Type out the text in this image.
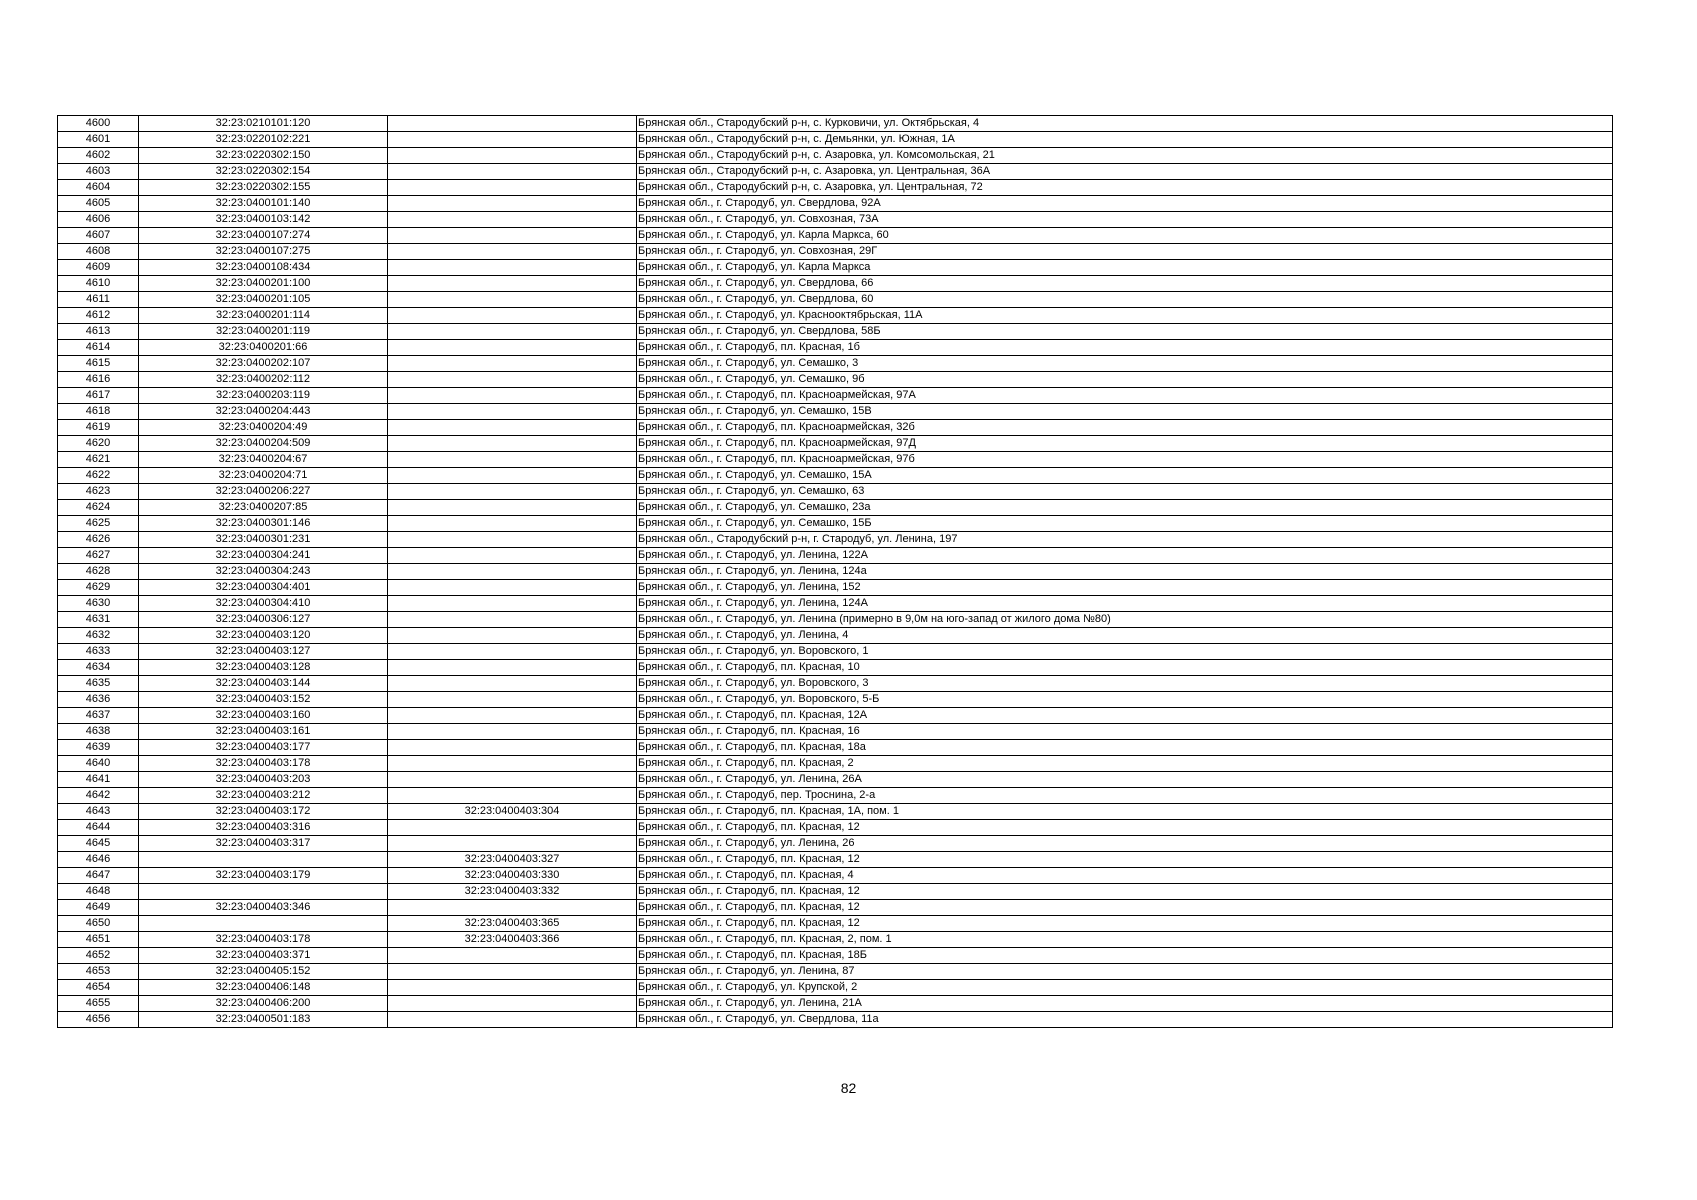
4600	32:23:0210101:120		Брянская обл., Стародубский р-н, с. Курковичи, ул. Октябрьская, 4
4601	32:23:0220102:221		Брянская обл., Стародубский р-н, с. Демьянки, ул. Южная, 1А
4602	32:23:0220302:150		Брянская обл., Стародубский р-н, с. Азаровка, ул. Комсомольская, 21
4603	32:23:0220302:154		Брянская обл., Стародубский р-н, с. Азаровка, ул. Центральная, 36А
4604	32:23:0220302:155		Брянская обл., Стародубский р-н, с. Азаровка, ул. Центральная, 72
4605	32:23:0400101:140		Брянская обл., г. Стародуб, ул. Свердлова, 92А
4606	32:23:0400103:142		Брянская обл., г. Стародуб, ул. Совхозная, 73А
4607	32:23:0400107:274		Брянская обл., г. Стародуб, ул. Карла Маркса, 60
4608	32:23:0400107:275		Брянская обл., г. Стародуб, ул. Совхозная, 29Г
4609	32:23:0400108:434		Брянская обл., г. Стародуб, ул. Карла Маркса
4610	32:23:0400201:100		Брянская обл., г. Стародуб, ул. Свердлова, 66
4611	32:23:0400201:105		Брянская обл., г. Стародуб, ул. Свердлова, 60
4612	32:23:0400201:114		Брянская обл., г. Стародуб, ул. Краснооктябрьская, 11А
4613	32:23:0400201:119		Брянская обл., г. Стародуб, ул. Свердлова, 58Б
4614	32:23:0400201:66		Брянская обл., г. Стародуб, пл. Красная, 1б
4615	32:23:0400202:107		Брянская обл., г. Стародуб, ул. Семашко, 3
4616	32:23:0400202:112		Брянская обл., г. Стародуб, ул. Семашко, 9б
4617	32:23:0400203:119		Брянская обл., г. Стародуб, пл. Красноармейская, 97А
4618	32:23:0400204:443		Брянская обл., г. Стародуб, ул. Семашко, 15В
4619	32:23:0400204:49		Брянская обл., г. Стародуб, пл. Красноармейская, 32б
4620	32:23:0400204:509		Брянская обл., г. Стародуб, пл. Красноармейская, 97Д
4621	32:23:0400204:67		Брянская обл., г. Стародуб, пл. Красноармейская, 97б
4622	32:23:0400204:71		Брянская обл., г. Стародуб, ул. Семашко, 15А
4623	32:23:0400206:227		Брянская обл., г. Стародуб, ул. Семашко, 63
4624	32:23:0400207:85		Брянская обл., г. Стародуб, ул. Семашко, 23а
4625	32:23:0400301:146		Брянская обл., г. Стародуб, ул. Семашко, 15Б
4626	32:23:0400301:231		Брянская обл., Стародубский р-н, г. Стародуб, ул. Ленина, 197
4627	32:23:0400304:241		Брянская обл., г. Стародуб, ул. Ленина, 122А
4628	32:23:0400304:243		Брянская обл., г. Стародуб, ул. Ленина, 124а
4629	32:23:0400304:401		Брянская обл., г. Стародуб, ул. Ленина, 152
4630	32:23:0400304:410		Брянская обл., г. Стародуб, ул. Ленина, 124А
4631	32:23:0400306:127		Брянская обл., г. Стародуб, ул. Ленина (примерно в 9,0м на юго-запад от жилого дома №80)
4632	32:23:0400403:120		Брянская обл., г. Стародуб, ул. Ленина, 4
4633	32:23:0400403:127		Брянская обл., г. Стародуб, ул. Воровского, 1
4634	32:23:0400403:128		Брянская обл., г. Стародуб, пл. Красная, 10
4635	32:23:0400403:144		Брянская обл., г. Стародуб, ул. Воровского, 3
4636	32:23:0400403:152		Брянская обл., г. Стародуб, ул. Воровского, 5-Б
4637	32:23:0400403:160		Брянская обл., г. Стародуб, пл. Красная, 12А
4638	32:23:0400403:161		Брянская обл., г. Стародуб, пл. Красная, 16
4639	32:23:0400403:177		Брянская обл., г. Стародуб, пл. Красная, 18а
4640	32:23:0400403:178		Брянская обл., г. Стародуб, пл. Красная, 2
4641	32:23:0400403:203		Брянская обл., г. Стародуб, ул. Ленина, 26А
4642	32:23:0400403:212		Брянская обл., г. Стародуб, пер. Троснина, 2-а
4643	32:23:0400403:172	32:23:0400403:304	Брянская обл., г. Стародуб, пл. Красная, 1А, пом. 1
4644	32:23:0400403:316		Брянская обл., г. Стародуб, пл. Красная, 12
4645	32:23:0400403:317		Брянская обл., г. Стародуб, ул. Ленина, 26
4646		32:23:0400403:327	Брянская обл., г. Стародуб, пл. Красная, 12
4647	32:23:0400403:179	32:23:0400403:330	Брянская обл., г. Стародуб, пл. Красная, 4
4648		32:23:0400403:332	Брянская обл., г. Стародуб, пл. Красная, 12
4649	32:23:0400403:346		Брянская обл., г. Стародуб, пл. Красная, 12
4650		32:23:0400403:365	Брянская обл., г. Стародуб, пл. Красная, 12
4651	32:23:0400403:178	32:23:0400403:366	Брянская обл., г. Стародуб, пл. Красная, 2, пом. 1
4652	32:23:0400403:371		Брянская обл., г. Стародуб, пл. Красная, 18Б
4653	32:23:0400405:152		Брянская обл., г. Стародуб, ул. Ленина, 87
4654	32:23:0400406:148		Брянская обл., г. Стародуб, ул. Крупской, 2
4655	32:23:0400406:200		Брянская обл., г. Стародуб, ул. Ленина, 21А
4656	32:23:0400501:183		Брянская обл., г. Стародуб, ул. Свердлова, 11а
82
